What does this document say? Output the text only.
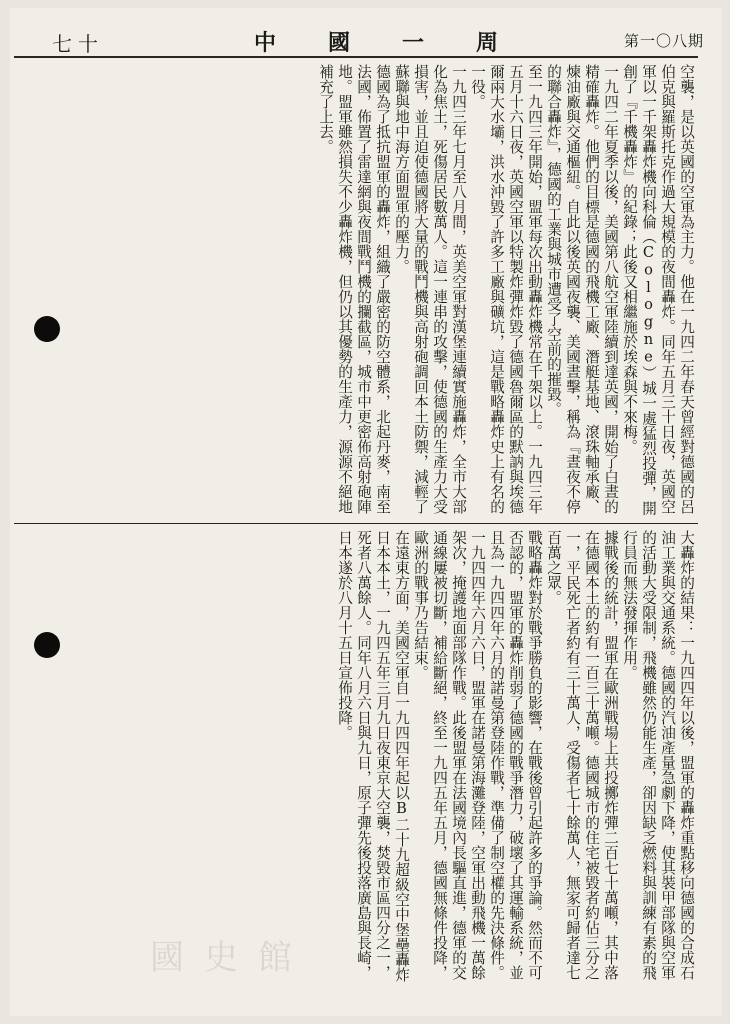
七十	中國一周	第一〇八期

空襲，是以英國的空軍為主力。他在一九四二年春天曾經對德國的呂伯克與羅斯托克作過大規模的夜間轟炸。同年五月三十日夜，英國空軍以一千架轟炸機向科倫（Cologne）城一處猛烈投彈，開創了『千機轟炸』的紀錄；此後又相繼施於埃森與不來梅。

一九四二年夏季以後，美國第八航空軍陸續到達英國，開始了白晝的精確轟炸。他們的目標是德國的飛機工廠、潛艇基地、滾珠軸承廠、煉油廠與交通樞紐。自此以後英國夜襲、美國晝擊，稱為『晝夜不停的聯合轟炸』，德國的工業與城市遭受了空前的摧毀。

至一九四三年開始，盟軍每次出動轟炸機常在千架以上。一九四三年五月十六日夜，英國空軍以特製炸彈炸毀了德國魯爾區的默訥與埃德爾兩大水壩，洪水沖毀了許多工廠與礦坑，這是戰略轟炸史上有名的一役。

一九四三年七月至八月間，英美空軍對漢堡連續實施轟炸，全市大部化為焦土，死傷居民數萬人。這一連串的攻擊，使德國的生產力大受損害，並且迫使德國將大量的戰鬥機與高射砲調回本土防禦，減輕了蘇聯與地中海方面盟軍的壓力。

德國為了抵抗盟軍的轟炸，組織了嚴密的防空體系，北起丹麥，南至法國，佈置了雷達網與夜間戰鬥機的攔截區，城市中更密佈高射砲陣地。盟軍雖然損失不少轟炸機，但仍以其優勢的生產力，源源不絕地補充了上去。

大轟炸的結果：一九四四年以後，盟軍的轟炸重點移向德國的合成石油工業與交通系統。德國的汽油產量急劇下降，使其裝甲部隊與空軍的活動大受限制，飛機雖然仍能生產，卻因缺乏燃料與訓練有素的飛行員而無法發揮作用。

據戰後的統計，盟軍在歐洲戰場上共投擲炸彈二百七十萬噸，其中落在德國本土的約有一百三十萬噸。德國城市的住宅被毀者約佔三分之一，平民死亡者約有三十萬人，受傷者七十餘萬人，無家可歸者達七百萬之眾。

戰略轟炸對於戰爭勝負的影響，在戰後曾引起許多的爭論。然而不可否認的，盟軍的轟炸削弱了德國的戰爭潛力，破壞了其運輸系統，並且為一九四四年六月的諾曼第登陸作戰，準備了制空權的先決條件。

一九四四年六月六日，盟軍在諾曼第海灘登陸，空軍出動飛機一萬餘架次，掩護地面部隊作戰。此後盟軍在法國境內長驅直進，德軍的交通線屢被切斷，補給斷絕，終至一九四五年五月，德國無條件投降，歐洲的戰事乃告結束。

在遠東方面，美國空軍自一九四四年起以B二十九超級空中堡壘轟炸日本本土，一九四五年三月九日夜東京大空襲，焚毀市區四分之一，死者八萬餘人。同年八月六日與九日，原子彈先後投落廣島與長崎，日本遂於八月十五日宣佈投降。

國史館
